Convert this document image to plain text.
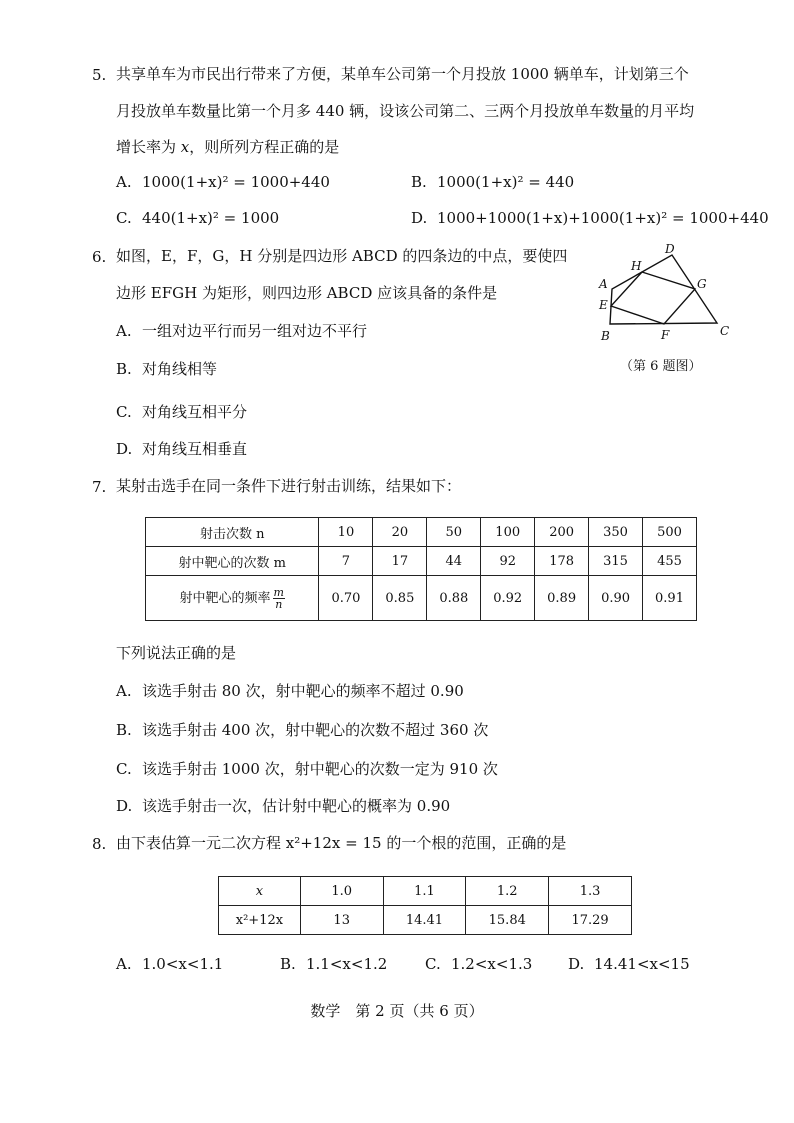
5. 共享单车为市民出行带来了方便，某单车公司第一个月投放 1000 辆单车，计划第三个
月投放单车数量比第一个月多 440 辆，设该公司第二、三两个月投放单车数量的月平均
增长率为 x，则所列方程正确的是
A. 1000(1+x)² = 1000+440	B. 1000(1+x)² = 440
C. 440(1+x)² = 1000	D. 1000+1000(1+x)+1000(1+x)² = 1000+440
6. 如图，E，F，G，H 分别是四边形 ABCD 的四条边的中点，要使四
边形 EFGH 为矩形，则四边形 ABCD 应该具备的条件是
A. 一组对边平行而另一组对边不平行
B. 对角线相等
C. 对角线互相平分
D. 对角线互相垂直
A
B	C
D
E
F
G
H
（第 6 题图）
7. 某射击选手在同一条件下进行射击训练，结果如下：
射击次数 n	10	20	50	100	200	350	500
射中靶心的次数 m	7	17	44	92	178	315	455
射中靶心的频率 $\frac{m}{n}$	0.70	0.85	0.88	0.92	0.89	0.90	0.91
下列说法正确的是
A. 该选手射击 80 次，射中靶心的频率不超过 0.90
B. 该选手射击 400 次，射中靶心的次数不超过 360 次
C. 该选手射击 1000 次，射中靶心的次数一定为 910 次
D. 该选手射击一次，估计射中靶心的概率为 0.90
8. 由下表估算一元二次方程 x²+12x = 15 的一个根的范围，正确的是
x	1.0	1.1	1.2	1.3
x²+12x	13	14.41	15.84	17.29
A. 1.0<x<1.1	B. 1.1<x<1.2	C. 1.2<x<1.3 D. 14.41<x<15
数学　第 2 页（共 6 页）
